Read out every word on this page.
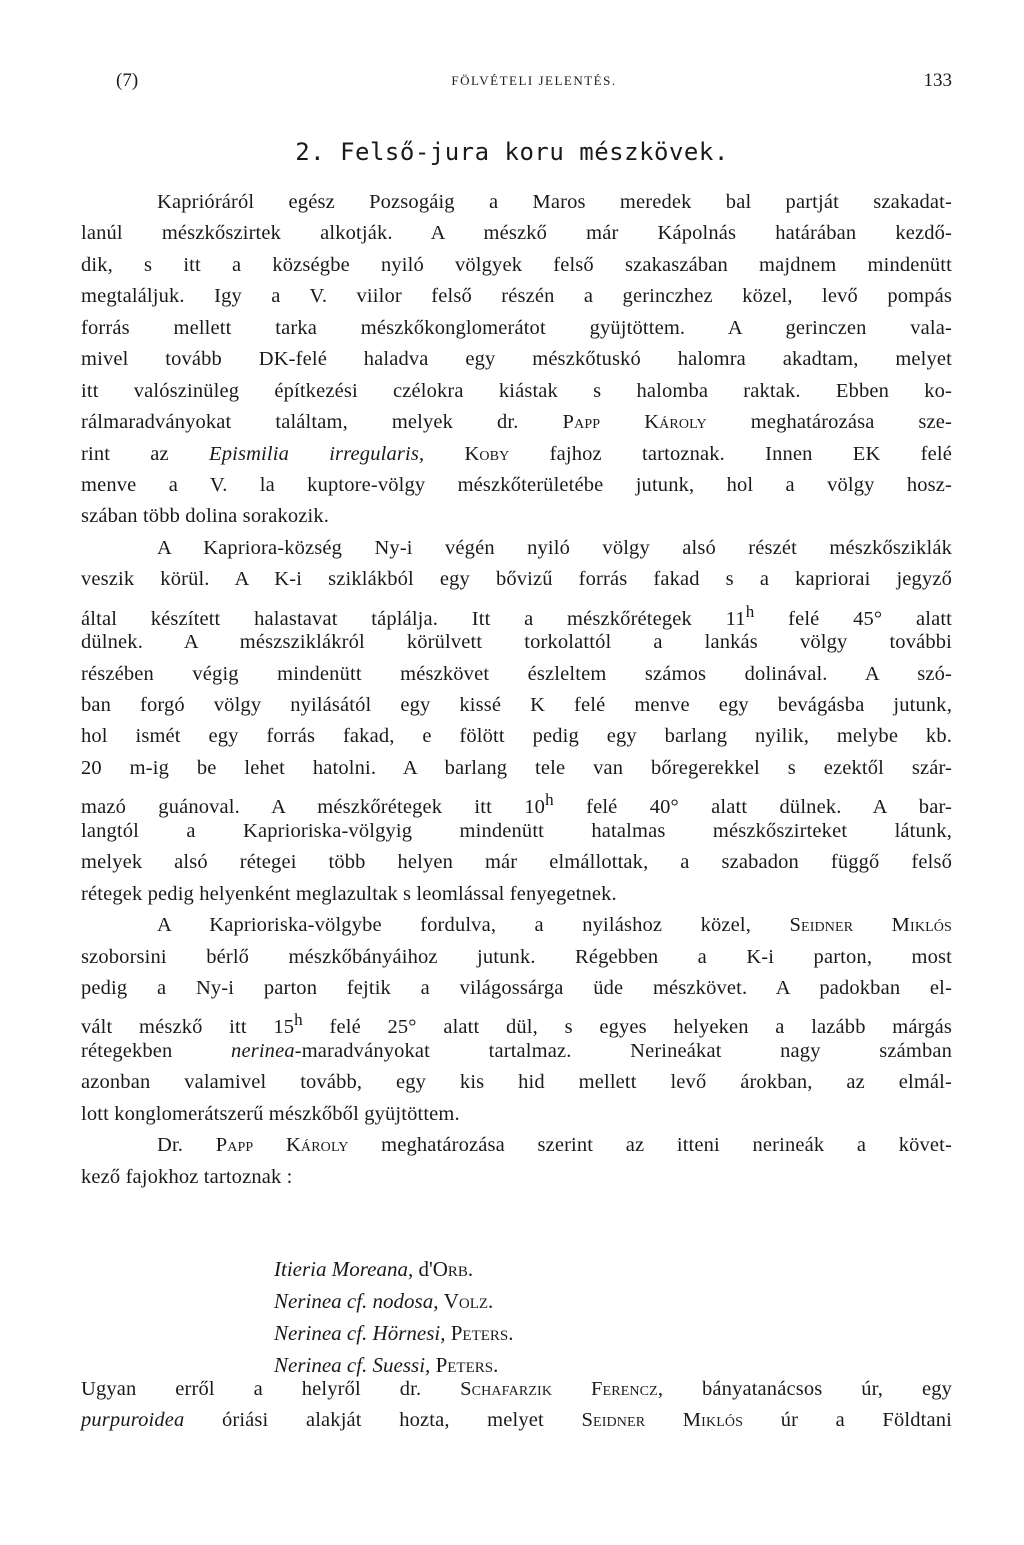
(7)	FÖLVÉTELI JELENTÉS.	133
2. Felső-jura koru mészkövek.
Kaprióráról egész Pozsogáig a Maros meredek bal partját szakadat-
lanúl mészkőszirtek alkotják. A mészkő már Kápolnás határában kezdő-
dik, s itt a községbe nyiló völgyek felső szakaszában majdnem mindenütt
megtaláljuk. Igy a V. viilor felső részén a gerinczhez közel, levő pompás
forrás mellett tarka mészkőkonglomerátot gyüjtöttem. A gerinczen vala-
mivel tovább DK-felé haladva egy mészkőtuskó halomra akadtam, melyet
itt valószinüleg építkezési czélokra kiástak s halomba raktak. Ebben ko-
rálmaradványokat találtam, melyek dr. Papp Károly meghatározása sze-
rint az Epismilia irregularis, Koby fajhoz tartoznak. Innen EK felé
menve a V. la kuptore-völgy mészkőterületébe jutunk, hol a völgy hosz-
szában több dolina sorakozik.
A Kapriora-község Ny-i végén nyiló völgy alsó részét mészkősziklák
veszik körül. A K-i sziklákból egy bővizű forrás fakad s a kapriorai jegyző
által készített halastavat táplálja. Itt a mészkőrétegek 11$^h$ felé 45° alatt
dülnek. A mészsziklákról körülvett torkolattól a lankás völgy további
részében végig mindenütt mészkövet észleltem számos dolinával. A szó-
ban forgó völgy nyilásától egy kissé K felé menve egy bevágásba jutunk,
hol ismét egy forrás fakad, e fölött pedig egy barlang nyilik, melybe kb.
20 m-ig be lehet hatolni. A barlang tele van bőregerekkel s ezektől szár-
mazó guánoval. A mészkőrétegek itt 10$^h$ felé 40° alatt dülnek. A bar-
langtól a Kaprioriska-völgyig mindenütt hatalmas mészkőszirteket látunk,
melyek alsó rétegei több helyen már elmállottak, a szabadon függő felső
rétegek pedig helyenként meglazultak s leomlással fenyegetnek.
A Kaprioriska-völgybe fordulva, a nyiláshoz közel, Seidner Miklós
szoborsini bérlő mészkőbányáihoz jutunk. Régebben a K-i parton, most
pedig a Ny-i parton fejtik a világossárga üde mészkövet. A padokban el-
vált mészkő itt 15$^h$ felé 25° alatt dül, s egyes helyeken a lazább márgás
rétegekben	nerinea-maradványokat tartalmaz. Nerineákat nagy számban
azonban valamivel tovább, egy kis hid mellett levő árokban, az elmál-
lott konglomerátszerű mészkőből gyüjtöttem.
Dr. Papp Károly meghatározása szerint az itteni nerineák a követ-
kező fajokhoz tartoznak :
Itieria Moreana, d'Orb.
Nerinea cf. nodosa, Volz.
Nerinea cf. Hörnesi, Peters.
Nerinea cf. Suessi, Peters.
Ugyan erről a helyről dr. Schafarzik Ferencz, bányatanácsos úr, egy
purpuroidea óriási alakját hozta, melyet Seidner Miklós úr a Földtani
